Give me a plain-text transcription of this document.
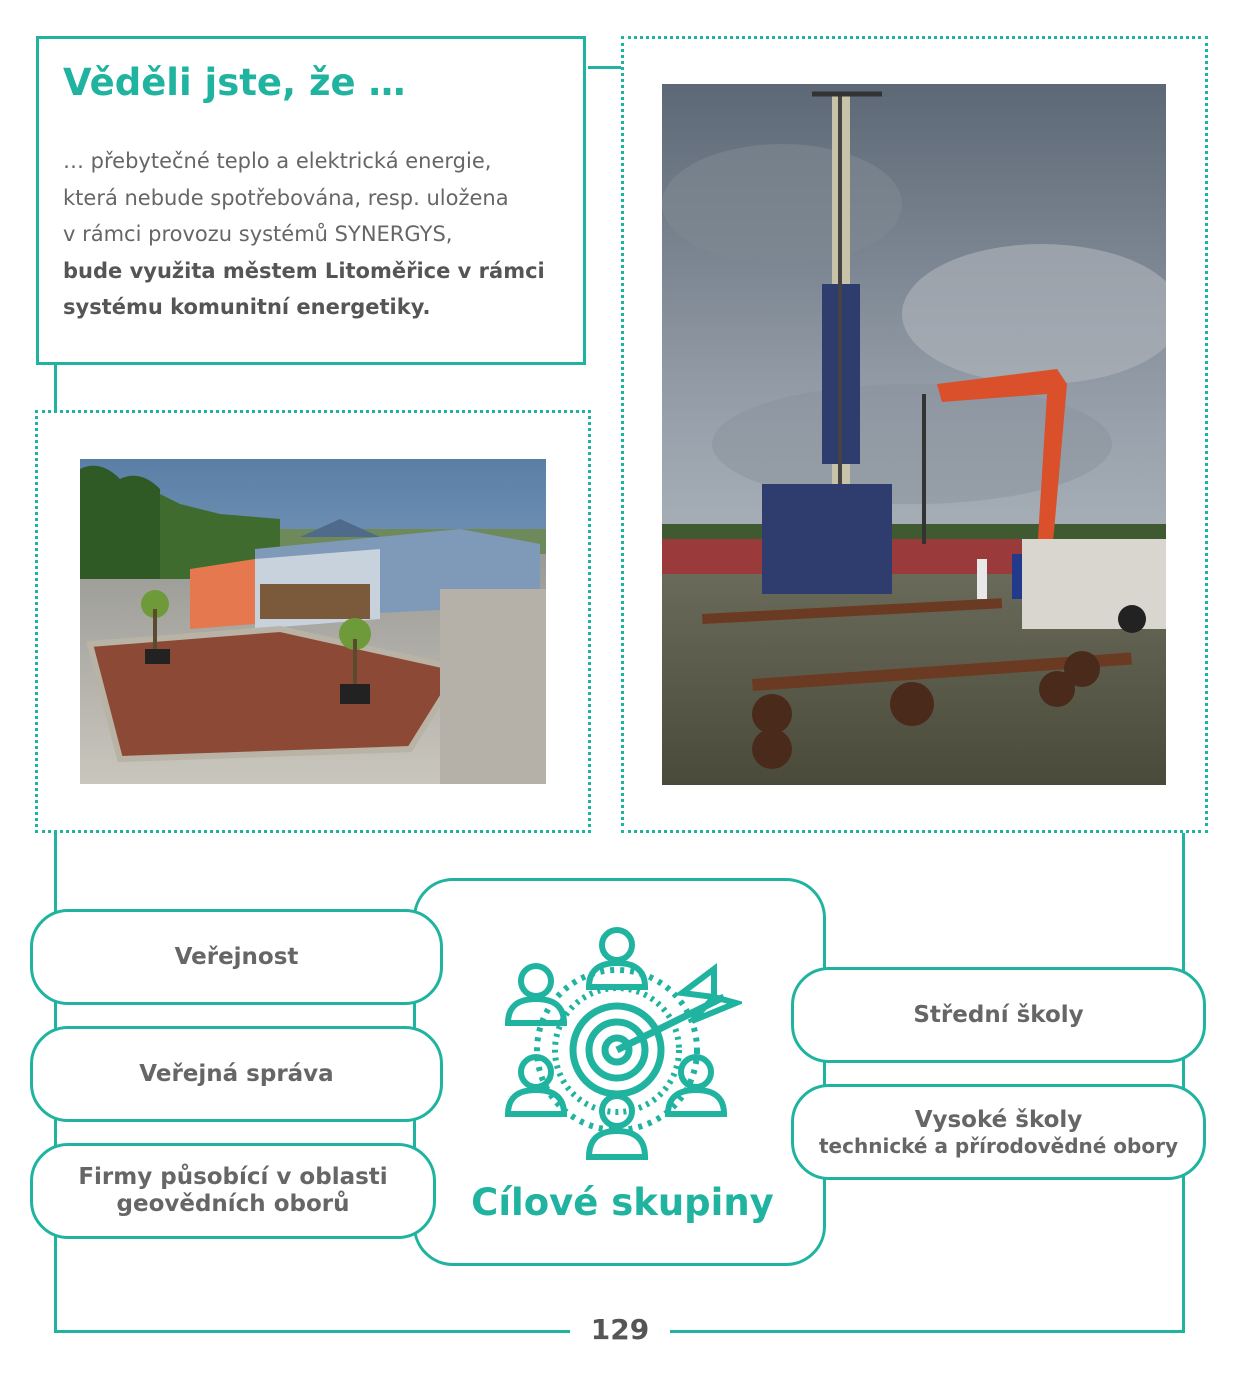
Věděli jste, že …
… přebytečné teplo a elektrická energie,
která nebude spotřebována, resp. uložena
v rámci provozu systémů SYNERGYS,
bude využita městem Litoměřice v rámci
systému komunitní energetiky.
Cílové skupiny
Veřejnost
Veřejná správa
Firmy působící v oblasti
geovědních oborů
Střední školy
Vysoké školy
technické a přírodovědné obory
129
